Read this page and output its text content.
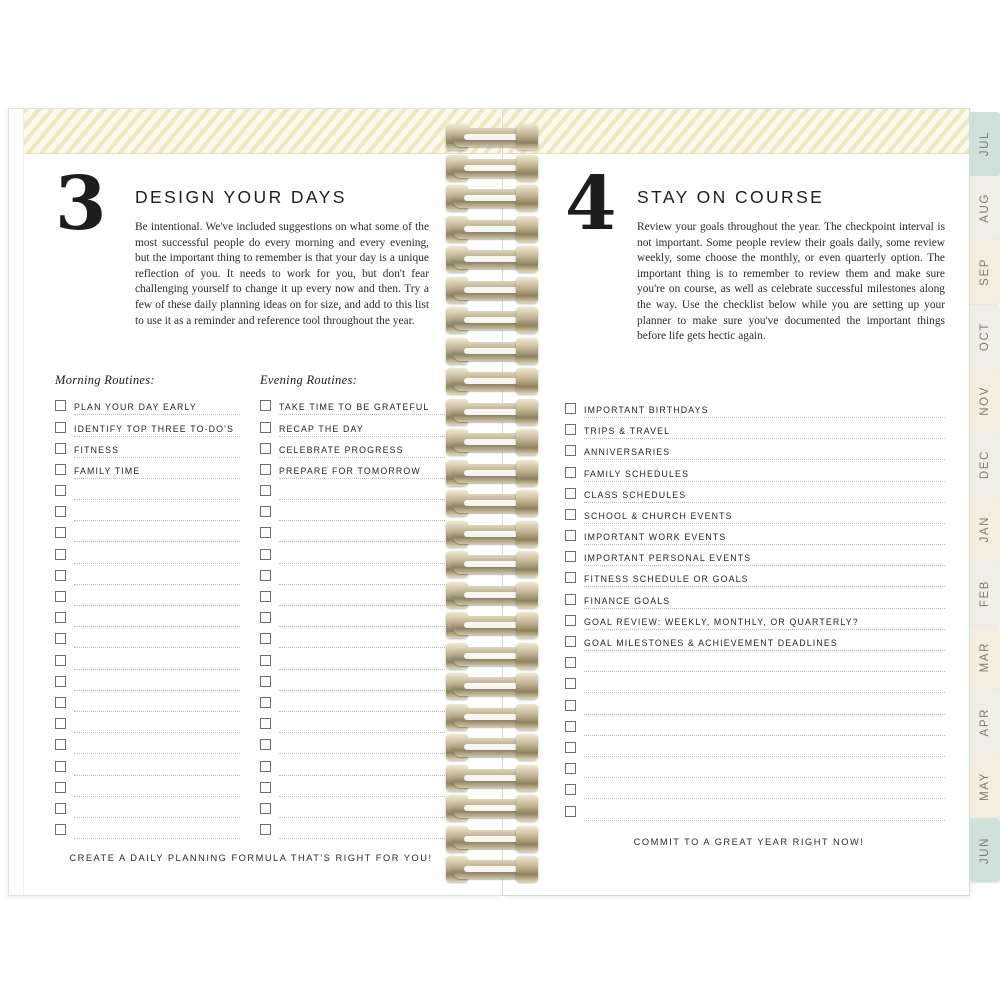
3	DESIGN YOUR DAYS
Be intentional. We've included suggestions on what some of the most successful people do every morning and every evening, but the important thing to remember is that your day is a unique reflection of you. It needs to work for you, but don't fear challenging yourself to change it up every now and then. Try a few of these daily planning ideas on for size, and add to this list to use it as a reminder and reference tool throughout the year.
Morning Routines:
PLAN YOUR DAY EARLY
IDENTIFY TOP THREE TO-DO'S
FITNESS
FAMILY TIME
Evening Routines:
TAKE TIME TO BE GRATEFUL
RECAP THE DAY
CELEBRATE PROGRESS
PREPARE FOR TOMORROW
CREATE A DAILY PLANNING FORMULA THAT'S RIGHT FOR YOU!
4	STAY ON COURSE
Review your goals throughout the year. The checkpoint interval is not important. Some people review their goals daily, some review weekly, some choose the monthly, or even quarterly option. The important thing is to remember to review them and make sure you're on course, as well as celebrate successful milestones along the way. Use the checklist below while you are setting up your planner to make sure you've documented the important things before life gets hectic again.
IMPORTANT BIRTHDAYS
TRIPS & TRAVEL
ANNIVERSARIES
FAMILY SCHEDULES
CLASS SCHEDULES
SCHOOL & CHURCH EVENTS
IMPORTANT WORK EVENTS
IMPORTANT PERSONAL EVENTS
FITNESS SCHEDULE OR GOALS
FINANCE GOALS
GOAL REVIEW: WEEKLY, MONTHLY, OR QUARTERLY?
GOAL MILESTONES & ACHIEVEMENT DEADLINES
COMMIT TO A GREAT YEAR RIGHT NOW!
JUL
AUG
SEP
OCT
NOV
DEC
JAN
FEB
MAR
APR
MAY
JUN
